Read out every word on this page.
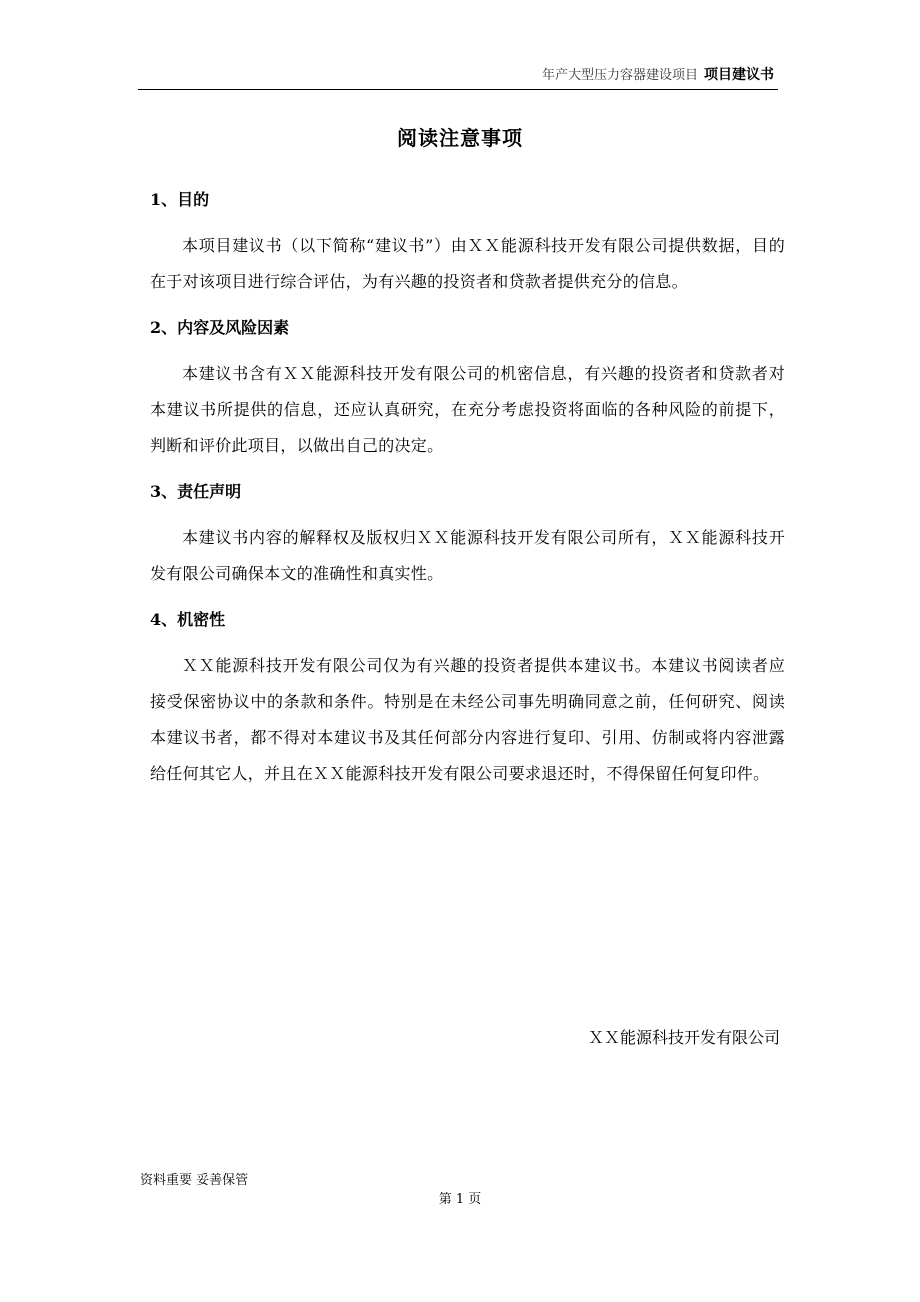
年产大型压力容器建设项目 项目建议书
阅读注意事项
1、目的

本项目建议书（以下简称“建议书”）由ＸＸ能源科技开发有限公司提供数据，目的在于对该项目进行综合评估，为有兴趣的投资者和贷款者提供充分的信息。

2、内容及风险因素

本建议书含有ＸＸ能源科技开发有限公司的机密信息，有兴趣的投资者和贷款者对本建议书所提供的信息，还应认真研究，在充分考虑投资将面临的各种风险的前提下，判断和评价此项目，以做出自己的决定。

3、责任声明

本建议书内容的解释权及版权归ＸＸ能源科技开发有限公司所有，ＸＸ能源科技开发有限公司确保本文的准确性和真实性。

4、机密性

ＸＸ能源科技开发有限公司仅为有兴趣的投资者提供本建议书。本建议书阅读者应接受保密协议中的条款和条件。特别是在未经公司事先明确同意之前，任何研究、阅读本建议书者，都不得对本建议书及其任何部分内容进行复印、引用、仿制或将内容泄露给任何其它人，并且在ＸＸ能源科技开发有限公司要求退还时，不得保留任何复印件。

ＸＸ能源科技开发有限公司
资料重要 妥善保管
第 1 页
